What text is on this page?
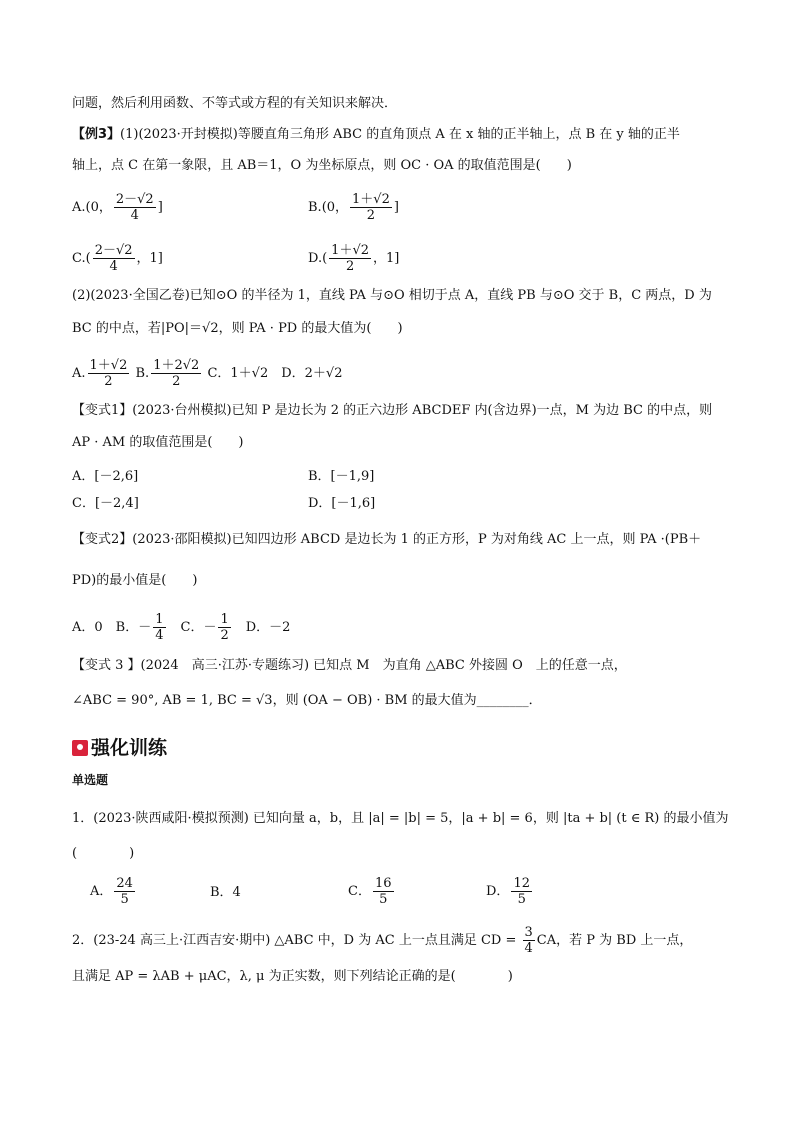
问题，然后利用函数、不等式或方程的有关知识来解决．
【例3】(1)(2023·开封模拟)等腰直角三角形 ABC 的直角顶点 A 在 x 轴的正半轴上，点 B 在 y 轴的正半
轴上，点 C 在第一象限，且 AB＝1，O 为坐标原点，则 OC · OA 的取值范围是(　　)
A.(0， $\frac{2-√2}{4}$ ]	B.(0， $\frac{1+√2}{2}$ ]
$C.( \frac{2-√2}{4}$ ，1]	$D.( \frac{1+√2}{2}$ ，1]
(2)(2023·全国乙卷)已知⊙O 的半径为 1，直线 PA 与⊙O 相切于点 A，直线 PB 与⊙O 交于 B，C 两点，D 为
BC 的中点，若|PO|＝√2，则 PA · PD 的最大值为(　　)
A. $\frac{1+√2}{2} B$. $\frac{1+2√2}{2}$ C．1＋√2　D．2＋√2
【变式1】(2023·台州模拟)已知 P 是边长为 2 的正六边形 ABCDEF 内(含边界)一点，M 为边 BC 的中点，则
AP · AM 的取值范围是(　　)
A．[－2,6]	B．[－1,9]
C．[－2,4]	D．[－1,6]
【变式2】(2023·邵阳模拟)已知四边形 ABCD 是边长为 1 的正方形，P 为对角线 AC 上一点，则 PA ·(PB＋
PD)的最小值是(　　)
A．0　B．－ $\frac{1}{4}$ 　C．－ $\frac{1}{2}$ 　D．－2
【变式 3 】(2024　高三·江苏·专题练习) 已知点 M　为直角 △ABC 外接圆 O　上的任意一点，
∠ABC = 90°, AB = 1, BC = √3，则 (OA − OB) · BM 的最大值为________．
强化训练
单选题
1．(2023·陕西咸阳·模拟预测) 已知向量 a，b，且 |a| = |b| = 5，|a + b| = 6，则 |ta + b| (t ∈ R) 的最小值为
(　　　　)
A． $\frac{24}{5}$	B．4	C． $\frac{16}{5}$	D． $\frac{12}{5}$
2．(23-24 高三上·江西吉安·期中) △ABC 中，D 为 AC 上一点且满足 CD = $\frac{3}{4}$ CA，若 P 为 BD 上一点，
且满足 AP = λAB + μAC，λ, μ 为正实数，则下列结论正确的是(　　　　)
